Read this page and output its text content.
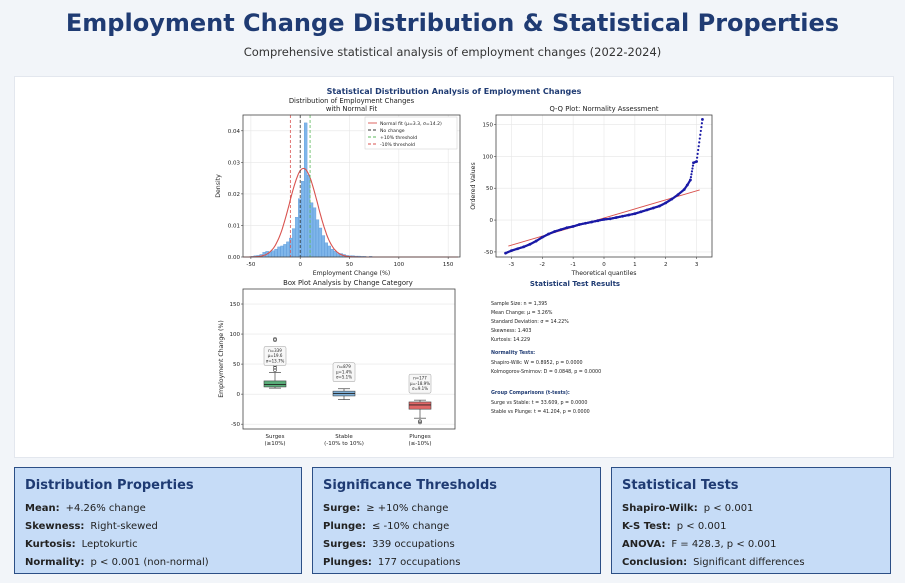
Employment Change Distribution & Statistical Properties
Comprehensive statistical analysis of employment changes (2022-2024)
Statistical Distribution Analysis of Employment Changes
Distribution of Employment Changes
with Normal Fit
-50	0	50	100	150
0.00
0.01
0.02
0.03
0.04
Employment Change (%)
Density
Normal fit (μ=3.3, σ=14.2)
No change
+10% threshold
-10% threshold
Q-Q Plot: Normality Assessment
-3	-2	-1	0	1	2	3
-50
0
50
100
150
Theoretical quantiles
Ordered Values
Box Plot Analysis by Change Category
n=339
μ=19.6
σ=13.7%
Surges
(≥10%)
n=879
μ=1.4%
σ=5.1%
Stable
(-10% to 10%)
n=177
μ=-18.9%
σ=9.1%
Plunges
(≤-10%)
-50
0
50
100
150
Employment Change (%)
Statistical Test Results
Sample Size: n = 1,395
Mean Change: μ = 3.26%
Standard Deviation: σ = 14.22%
Skewness: 1.403
Kurtosis: 14.229
Normality Tests:
Shapiro-Wilk: W = 0.8952, p = 0.0000
Kolmogorov-Smirnov: D = 0.0848, p = 0.0000
Group Comparisons (t-tests):
Surge vs Stable: t = 33.609, p = 0.0000
Stable vs Plunge: t = 41.204, p = 0.0000
Distribution Properties
Mean: +4.26% change
Skewness: Right-skewed
Kurtosis: Leptokurtic
Normality: p < 0.001 (non-normal)
Significance Thresholds
Surge: ≥ +10% change
Plunge: ≤ -10% change
Surges: 339 occupations
Plunges: 177 occupations
Statistical Tests
Shapiro-Wilk: p < 0.001
K-S Test: p < 0.001
ANOVA: F = 428.3, p < 0.001
Conclusion: Significant differences
